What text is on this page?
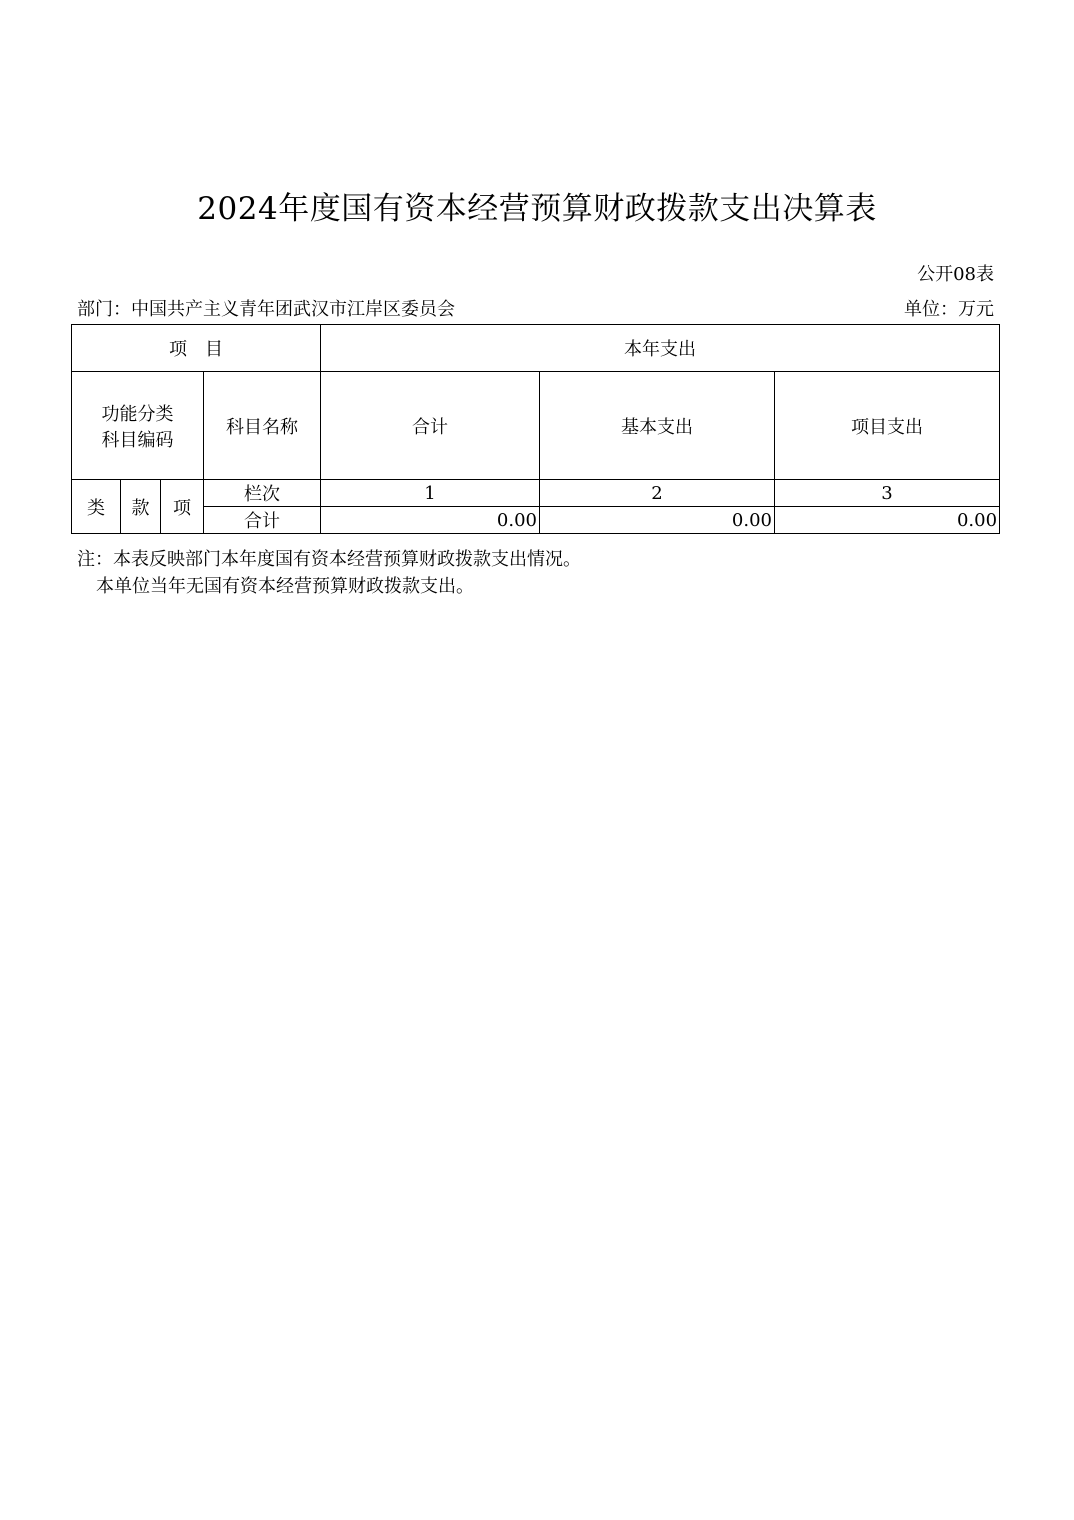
2024年度国有资本经营预算财政拨款支出决算表
公开08表
部门：中国共产主义青年团武汉市江岸区委员会	单位：万元
项　目				本年支出		

功能分类
科目编码			科目名称	合计	基本支出	项目支出
类	款	项	栏次	1	2	3
			合计	0.00	0.00	0.00
注：本表反映部门本年度国有资本经营预算财政拨款支出情况。
本单位当年无国有资本经营预算财政拨款支出。
